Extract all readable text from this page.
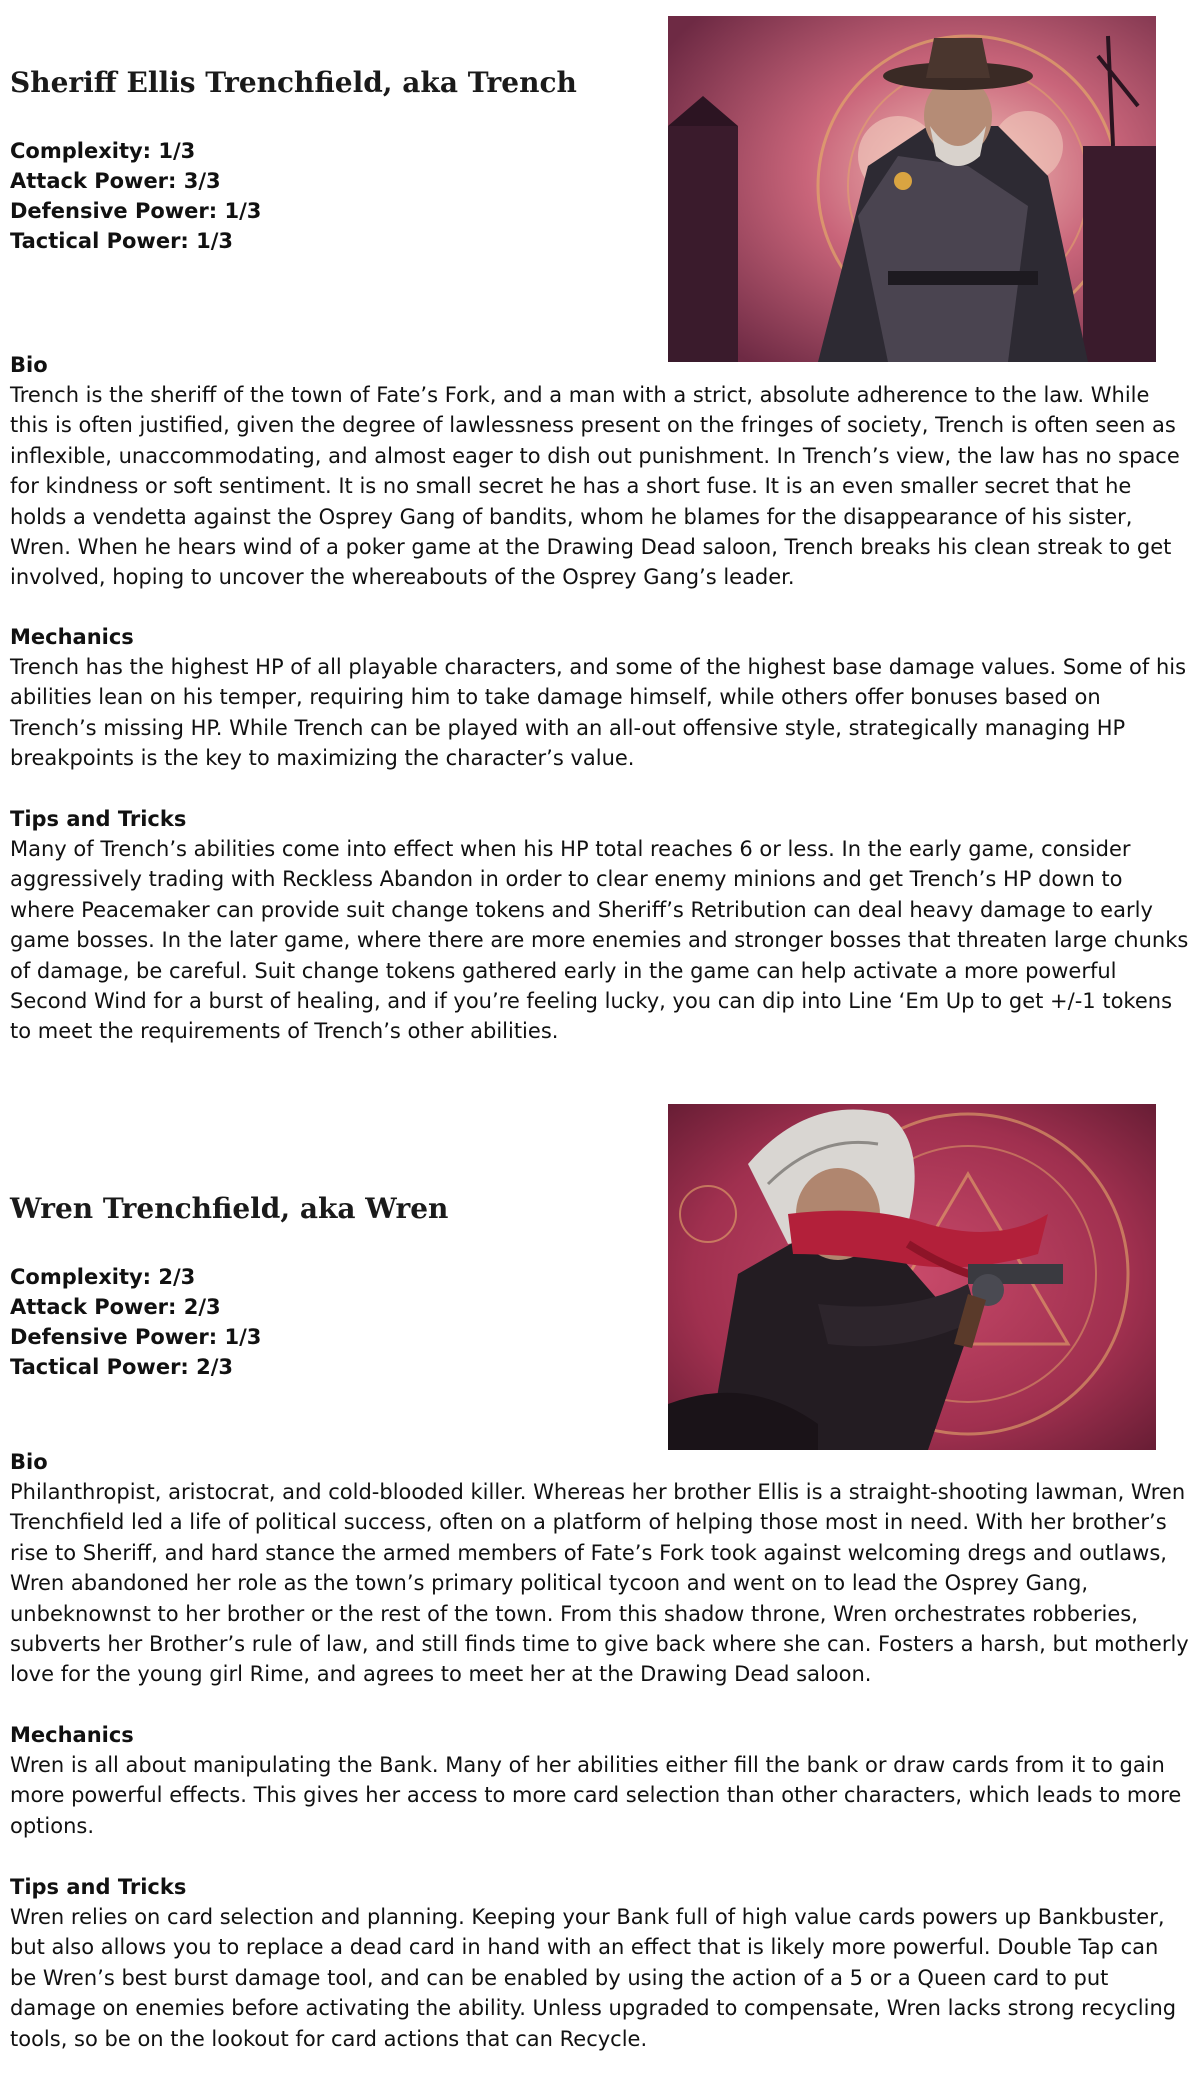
Sheriff Ellis Trenchfield, aka Trench
Complexity: 1/3
Attack Power: 3/3
Defensive Power: 1/3
Tactical Power: 1/3
Bio

Trench is the sheriff of the town of Fate’s Fork, and a man with a strict, absolute adherence to the law. While this is often justified, given the degree of lawlessness present on the fringes of society, Trench is often seen as inflexible, unaccommodating, and almost eager to dish out punishment. In Trench’s view, the law has no space for kindness or soft sentiment. It is no small secret he has a short fuse. It is an even smaller secret that he holds a vendetta against the Osprey Gang of bandits, whom he blames for the disappearance of his sister, Wren. When he hears wind of a poker game at the Drawing Dead saloon, Trench breaks his clean streak to get involved, hoping to uncover the whereabouts of the Osprey Gang’s leader.

Mechanics

Trench has the highest HP of all playable characters, and some of the highest base damage values. Some of his abilities lean on his temper, requiring him to take damage himself, while others offer bonuses based on Trench’s missing HP. While Trench can be played with an all-out offensive style, strategically managing HP breakpoints is the key to maximizing the character’s value.

Tips and Tricks

Many of Trench’s abilities come into effect when his HP total reaches 6 or less. In the early game, consider aggressively trading with Reckless Abandon in order to clear enemy minions and get Trench’s HP down to where Peacemaker can provide suit change tokens and Sheriff’s Retribution can deal heavy damage to early game bosses. In the later game, where there are more enemies and stronger bosses that threaten large chunks of damage, be careful. Suit change tokens gathered early in the game can help activate a more powerful Second Wind for a burst of healing, and if you’re feeling lucky, you can dip into Line ‘Em Up to get +/-1 tokens to meet the requirements of Trench’s other abilities.

Wren Trenchfield, aka Wren
Complexity: 2/3
Attack Power: 2/3
Defensive Power: 1/3
Tactical Power: 2/3
Bio

Philanthropist, aristocrat, and cold-blooded killer. Whereas her brother Ellis is a straight-shooting lawman, Wren Trenchfield led a life of political success, often on a platform of helping those most in need. With her brother’s rise to Sheriff, and hard stance the armed members of Fate’s Fork took against welcoming dregs and outlaws, Wren abandoned her role as the town’s primary political tycoon and went on to lead the Osprey Gang, unbeknownst to her brother or the rest of the town. From this shadow throne, Wren orchestrates robberies, subverts her Brother’s rule of law, and still finds time to give back where she can. Fosters a harsh, but motherly love for the young girl Rime, and agrees to meet her at the Drawing Dead saloon.

Mechanics

Wren is all about manipulating the Bank. Many of her abilities either fill the bank or draw cards from it to gain more powerful effects. This gives her access to more card selection than other characters, which leads to more options.

Tips and Tricks

Wren relies on card selection and planning. Keeping your Bank full of high value cards powers up Bankbuster, but also allows you to replace a dead card in hand with an effect that is likely more powerful. Double Tap can be Wren’s best burst damage tool, and can be enabled by using the action of a 5 or a Queen card to put damage on enemies before activating the ability. Unless upgraded to compensate, Wren lacks strong recycling tools, so be on the lookout for card actions that can Recycle.
